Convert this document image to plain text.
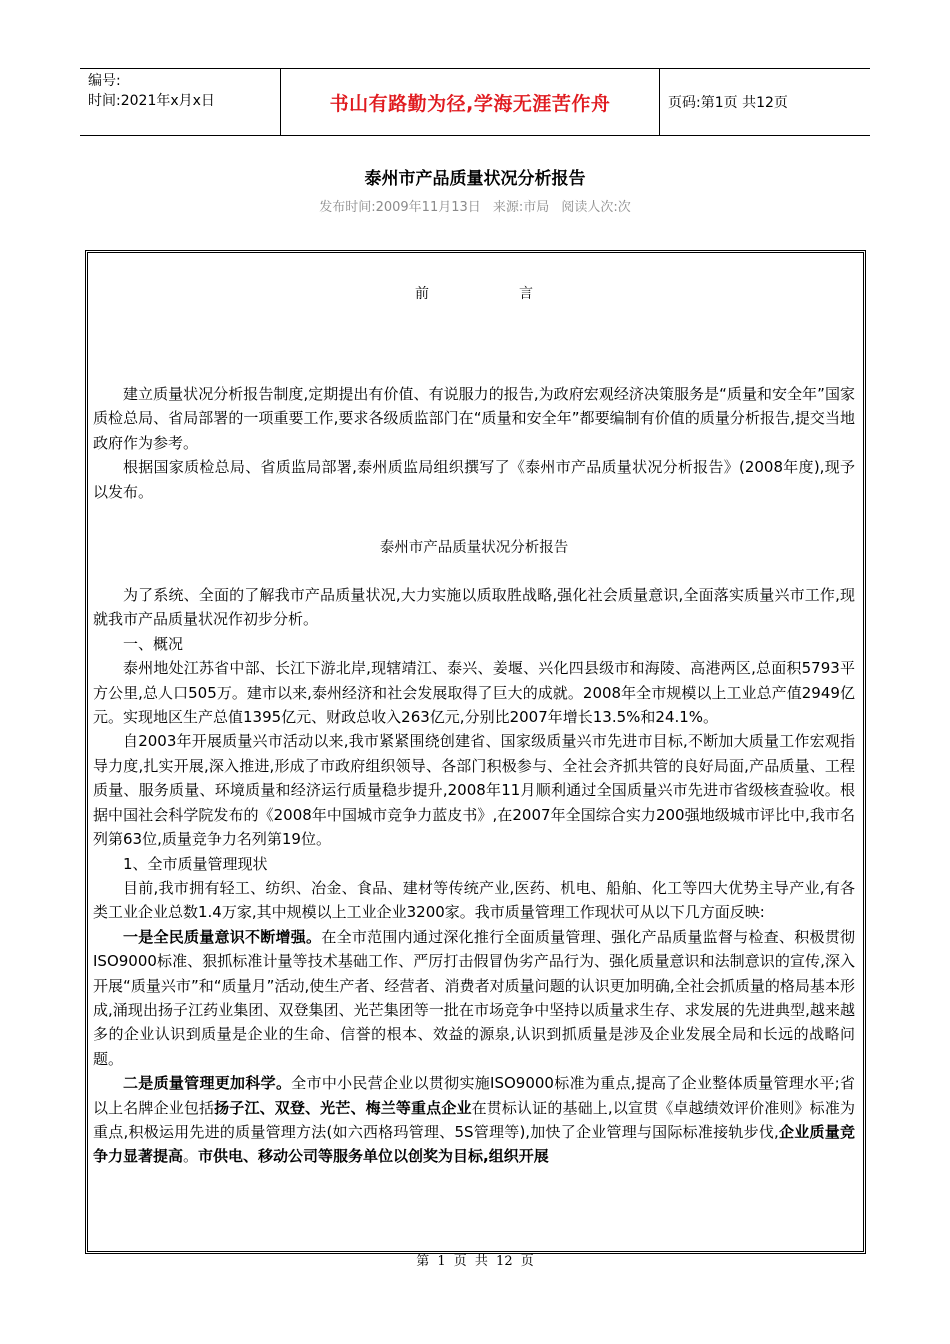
编号:
时间:2021年x月x日	书山有路勤为径,学海无涯苦作舟	页码:第1页 共12页
泰州市产品质量状况分析报告
发布时间:2009年11月13日 来源:市局 阅读人次:次
前言

建立质量状况分析报告制度,定期提出有价值、有说服力的报告,为政府宏观经济决策服务是“质量和安全年”国家质检总局、省局部署的一项重要工作,要求各级质监部门在“质量和安全年”都要编制有价值的质量分析报告,提交当地政府作为参考。

根据国家质检总局、省质监局部署,泰州质监局组织撰写了《泰州市产品质量状况分析报告》(2008年度),现予以发布。

泰州市产品质量状况分析报告

为了系统、全面的了解我市产品质量状况,大力实施以质取胜战略,强化社会质量意识,全面落实质量兴市工作,现就我市产品质量状况作初步分析。

一、概况

泰州地处江苏省中部、长江下游北岸,现辖靖江、泰兴、姜堰、兴化四县级市和海陵、高港两区,总面积5793平方公里,总人口505万。建市以来,泰州经济和社会发展取得了巨大的成就。2008年全市规模以上工业总产值2949亿元。实现地区生产总值1395亿元、财政总收入263亿元,分别比2007年增长13.5%和24.1%。

自2003年开展质量兴市活动以来,我市紧紧围绕创建省、国家级质量兴市先进市目标,不断加大质量工作宏观指导力度,扎实开展,深入推进,形成了市政府组织领导、各部门积极参与、全社会齐抓共管的良好局面,产品质量、工程质量、服务质量、环境质量和经济运行质量稳步提升,2008年11月顺利通过全国质量兴市先进市省级核查验收。根据中国社会科学院发布的《2008年中国城市竞争力蓝皮书》,在2007年全国综合实力200强地级城市评比中,我市名列第63位,质量竞争力名列第19位。

1、全市质量管理现状

目前,我市拥有轻工、纺织、冶金、食品、建材等传统产业,医药、机电、船舶、化工等四大优势主导产业,有各类工业企业总数1.4万家,其中规模以上工业企业3200家。我市质量管理工作现状可从以下几方面反映:

一是全民质量意识不断增强。在全市范围内通过深化推行全面质量管理、强化产品质量监督与检查、积极贯彻ISO9000标准、狠抓标准计量等技术基础工作、严厉打击假冒伪劣产品行为、强化质量意识和法制意识的宣传,深入开展“质量兴市”和“质量月”活动,使生产者、经营者、消费者对质量问题的认识更加明确,全社会抓质量的格局基本形成,涌现出扬子江药业集团、双登集团、光芒集团等一批在市场竞争中坚持以质量求生存、求发展的先进典型,越来越多的企业认识到质量是企业的生命、信誉的根本、效益的源泉,认识到抓质量是涉及企业发展全局和长远的战略问题。

二是质量管理更加科学。全市中小民营企业以贯彻实施ISO9000标准为重点,提高了企业整体质量管理水平;省以上名牌企业包括扬子江、双登、光芒、梅兰等重点企业在贯标认证的基础上,以宣贯《卓越绩效评价准则》标准为重点,积极运用先进的质量管理方法(如六西格玛管理、5S管理等),加快了企业管理与国际标准接轨步伐,企业质量竞争力显著提高。市供电、移动公司等服务单位以创奖为目标,组织开展

第 1 页 共 12 页
